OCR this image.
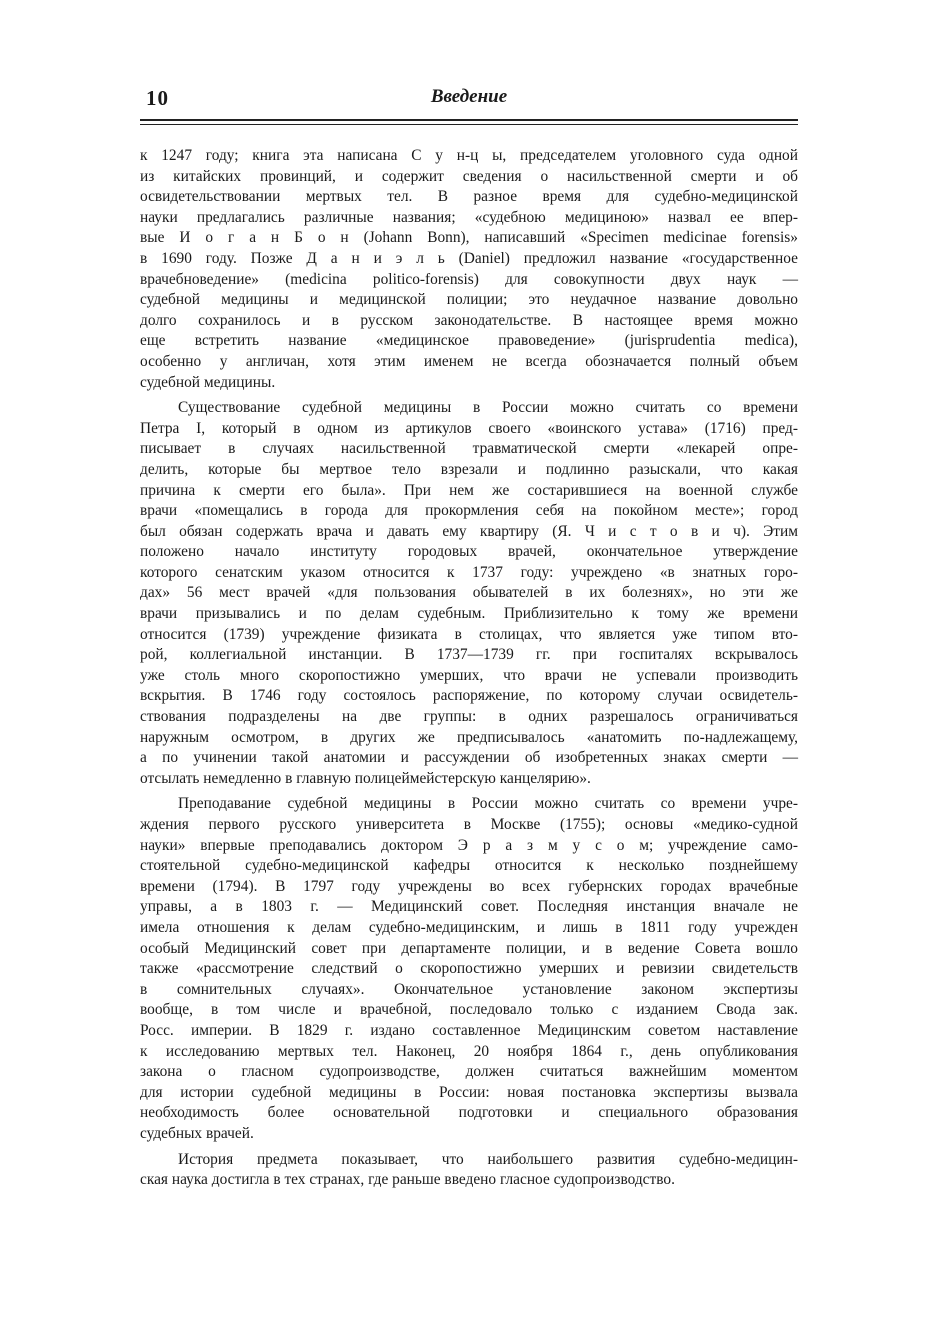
10	Введение
к 1247 году; книга эта написана С у н-ц ы, председателем уголовного суда одной
из китайских провинций, и содержит сведения о насильственной смерти и об
освидетельствовании мертвых тел. В разное время для судебно-медицинской
науки предлагались различные названия; «судебною медициною» назвал ее впер-
вые И о г а н Б о н (Johann Bonn), написавший «Specimen medicinae forensis»
в 1690 году. Позже Д а н и э л ь (Daniel) предложил название «государственное
врачебноведение» (medicina politico-forensis) для совокупности двух наук —
судебной медицины и медицинской полиции; это неудачное название довольно
долго сохранилось и в русском законодательстве. В настоящее время можно
еще встретить название «медицинское правоведение» (jurisprudentia medica),
особенно у англичан, хотя этим именем не всегда обозначается полный объем
судебной медицины.
Существование судебной медицины в России можно считать со времени
Петра I, который в одном из артикулов своего «воинского устава» (1716) пред-
писывает в случаях насильственной травматической смерти «лекарей опре-
делить, которые бы мертвое тело взрезали и подлинно разыскали, что какая
причина к смерти его была». При нем же состарившиеся на военной службе
врачи «помещались в города для прокормления себя на покойном месте»; город
был обязан содержать врача и давать ему квартиру (Я. Ч и с т о в и ч). Этим
положено начало институту городовых врачей, окончательное утверждение
которого сенатским указом относится к 1737 году: учреждено «в знатных горо-
дах» 56 мест врачей «для пользования обывателей в их болезнях», но эти же
врачи призывались и по делам судебным. Приблизительно к тому же времени
относится (1739) учреждение физиката в столицах, что является уже типом вто-
рой, коллегиальной инстанции. В 1737—1739 гг. при госпиталях вскрывалось
уже столь много скоропостижно умерших, что врачи не успевали производить
вскрытия. В 1746 году состоялось распоряжение, по которому случаи освидетель-
ствования подразделены на две группы: в одних разрешалось ограничиваться
наружным осмотром, в других же предписывалось «анатомить по-надлежащему,
а по учинении такой анатомии и рассуждении об изобретенных знаках смерти —
отсылать немедленно в главную полицеймейстерскую канцелярию».
Преподавание судебной медицины в России можно считать со времени учре-
ждения первого русского университета в Москве (1755); основы «медико-судной
науки» впервые преподавались доктором Э р а з м у с о м; учреждение само-
стоятельной судебно-медицинской кафедры относится к несколько позднейшему
времени (1794). В 1797 году учреждены во всех губернских городах врачебные
управы, а в 1803 г. — Медицинский совет. Последняя инстанция вначале не
имела отношения к делам судебно-медицинским, и лишь в 1811 году учрежден
особый Медицинский совет при департаменте полиции, и в ведение Совета вошло
также «рассмотрение следствий о скоропостижно умерших и ревизии свидетельств
в сомнительных случаях». Окончательное установление законом экспертизы
вообще, в том числе и врачебной, последовало только с изданием Свода зак.
Росс. империи. В 1829 г. издано составленное Медицинским советом наставление
к исследованию мертвых тел. Наконец, 20 ноября 1864 г., день опубликования
закона о гласном судопроизводстве, должен считаться важнейшим моментом
для истории судебной медицины в России: новая постановка экспертизы вызвала
необходимость более основательной подготовки и специального образования
судебных врачей.
История предмета показывает, что наибольшего развития судебно-медицин-
ская наука достигла в тех странах, где раньше введено гласное судопроизводство.
